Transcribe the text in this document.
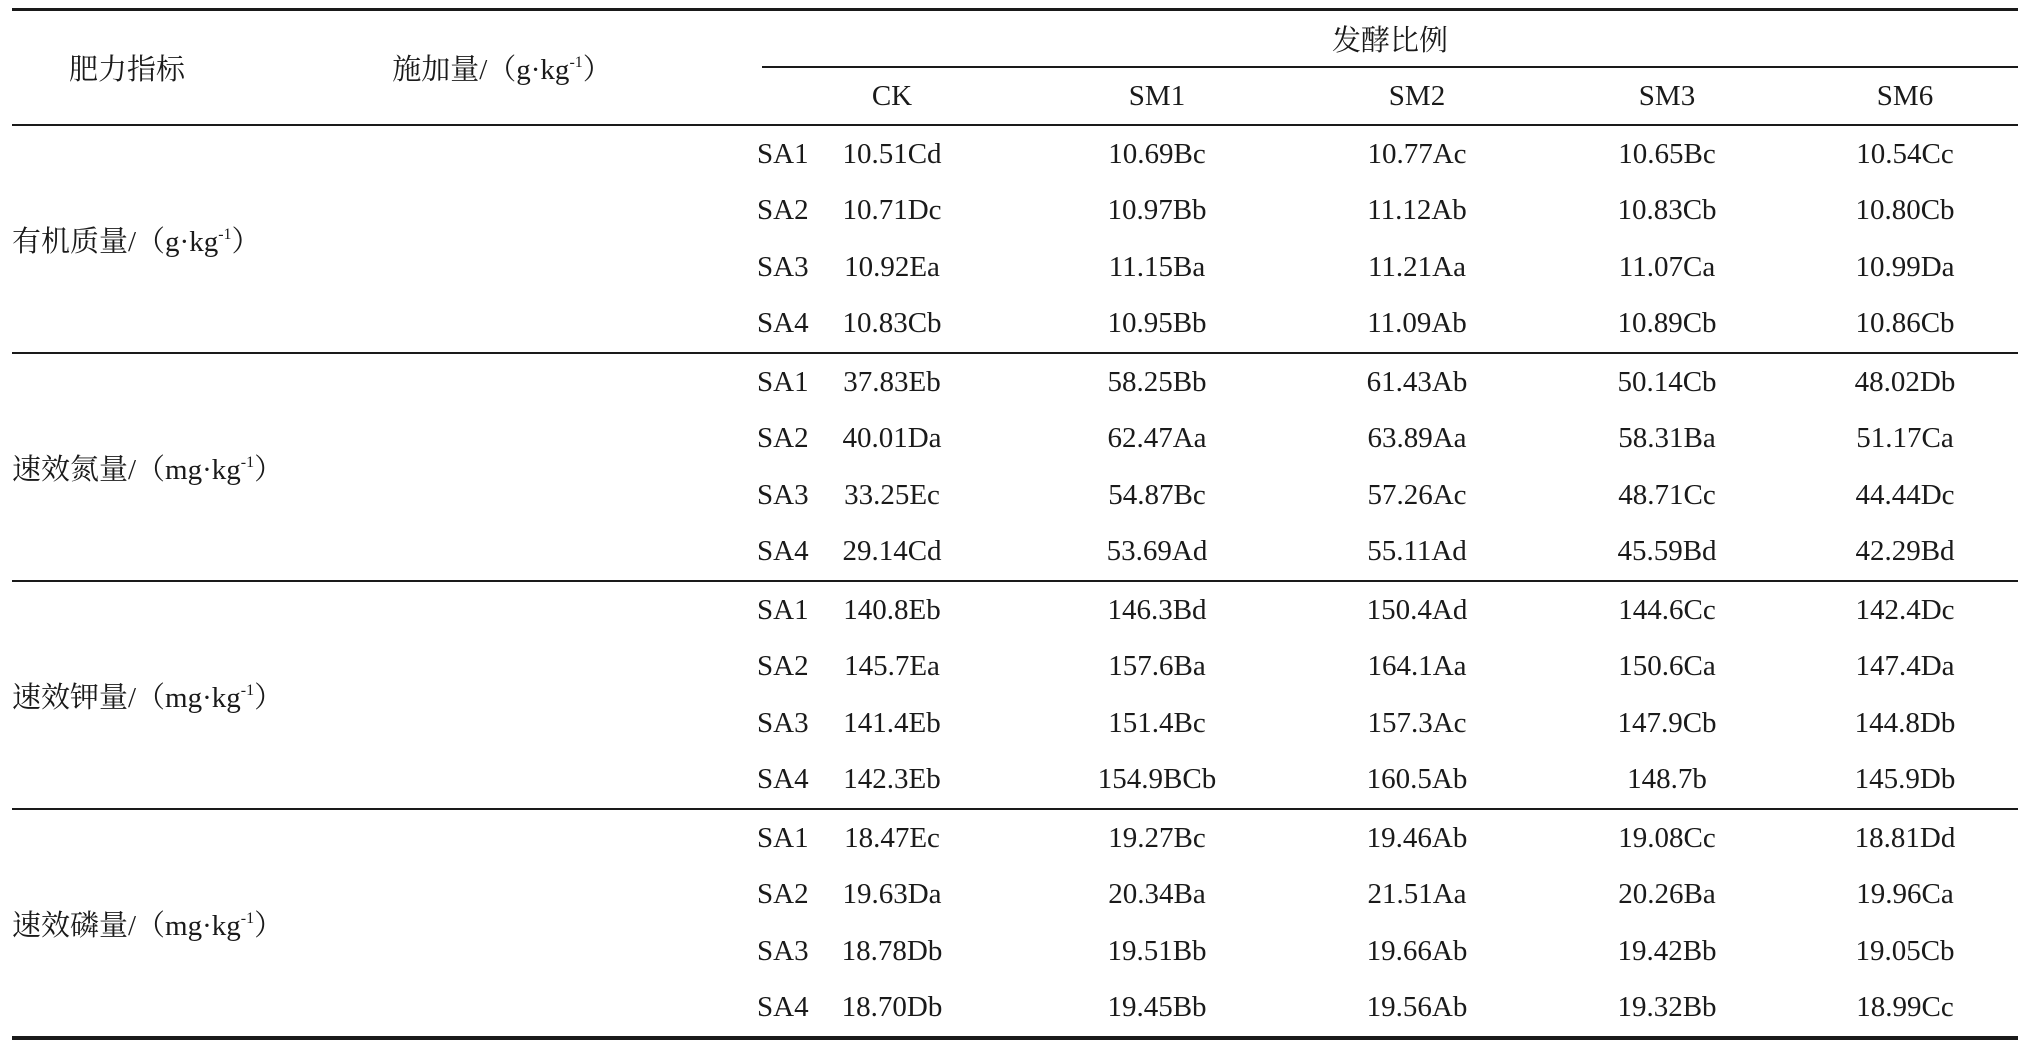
肥力指标	施加量$/(g\cdot kg^{-1})$	发酵比例				
		CK	SM1	SM2	SM3	SM6
有机质量$/(g\cdot kg^{-1})$	SA1	10.51Cd	10.69Bc	10.77Ac	10.65Bc	10.54Cc
	SA2	10.71Dc	10.97Bb	11.12Ab	10.83Cb	10.80Cb
	SA3	10.92Ea	11.15Ba	11.21Aa	11.07Ca	10.99Da
	SA4	10.83Cb	10.95Bb	11.09Ab	10.89Cb	10.86Cb
速效氮量$/(mg\cdot kg^{-1})$	SA1	37.83Eb	58.25Bb	61.43Ab	50.14Cb	48.02Db
	SA2	40.01Da	62.47Aa	63.89Aa	58.31Ba	51.17Ca
	SA3	33.25Ec	54.87Bc	57.26Ac	48.71Cc	44.44Dc
	SA4	29.14Cd	53.69Ad	55.11Ad	45.59Bd	42.29Bd
速效钾量$/(mg\cdot kg^{-1})$	SA1	140.8Eb	146.3Bd	150.4Ad	144.6Cc	142.4Dc
	SA2	145.7Ea	157.6Ba	164.1Aa	150.6Ca	147.4Da
	SA3	141.4Eb	151.4Bc	157.3Ac	147.9Cb	144.8Db
	SA4	142.3Eb	154.9BCb	160.5Ab	148.7b	145.9Db
速效磷量$/(mg\cdot kg^{-1})$	SA1	18.47Ec	19.27Bc	19.46Ab	19.08Cc	18.81Dd
	SA2	19.63Da	20.34Ba	21.51Aa	20.26Ba	19.96Ca
	SA3	18.78Db	19.51Bb	19.66Ab	19.42Bb	19.05Cb
	SA4	18.70Db	19.45Bb	19.56Ab	19.32Bb	18.99Cc
